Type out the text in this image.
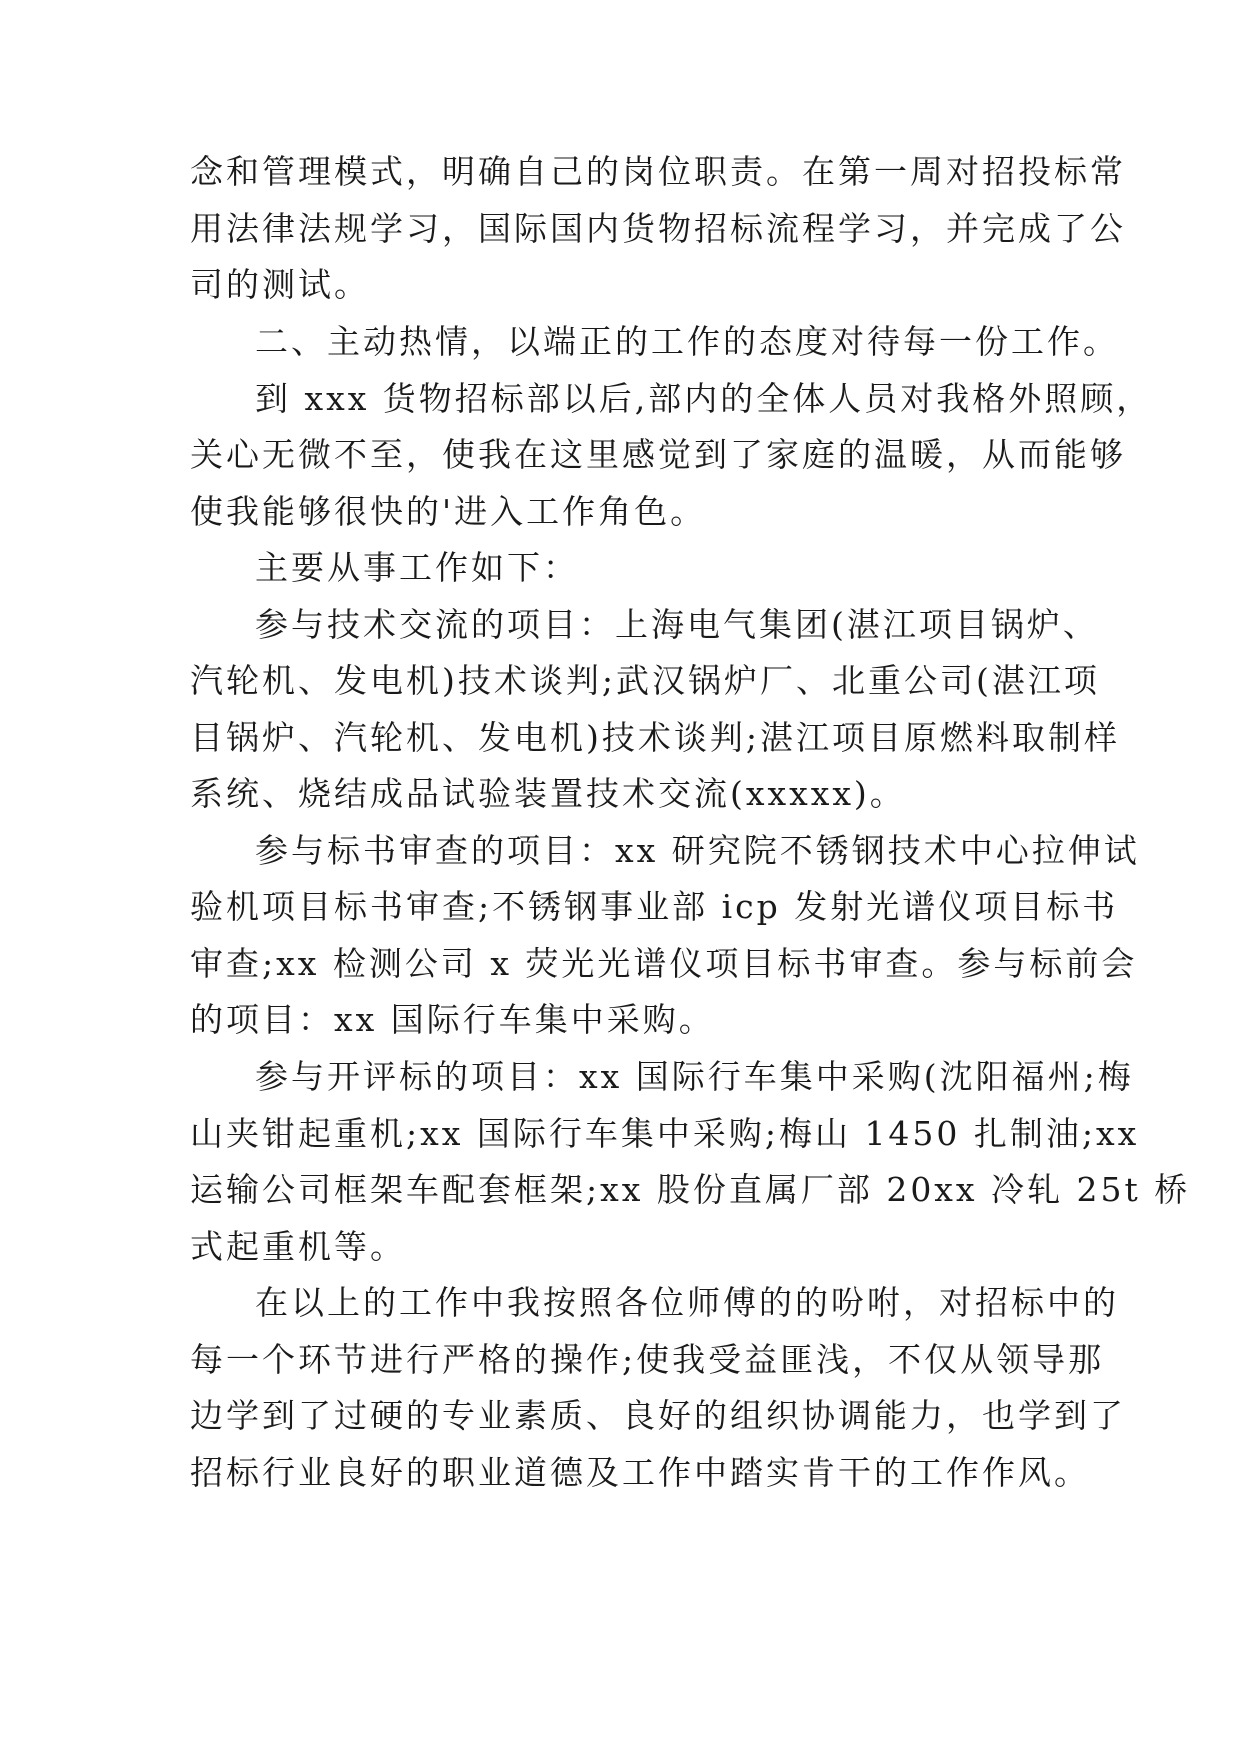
念和管理模式，明确自己的岗位职责。在第一周对招投标常
用法律法规学习，国际国内货物招标流程学习，并完成了公
司的测试。
二、主动热情，以端正的工作的态度对待每一份工作。
到 xxx 货物招标部以后,部内的全体人员对我格外照顾，
关心无微不至，使我在这里感觉到了家庭的温暖，从而能够
使我能够很快的'进入工作角色。
主要从事工作如下：
参与技术交流的项目：上海电气集团(湛江项目锅炉、
汽轮机、发电机)技术谈判;武汉锅炉厂、北重公司(湛江项
目锅炉、汽轮机、发电机)技术谈判;湛江项目原燃料取制样
系统、烧结成品试验装置技术交流(xxxxx)。
参与标书审查的项目：xx 研究院不锈钢技术中心拉伸试
验机项目标书审查;不锈钢事业部 icp 发射光谱仪项目标书
审查;xx 检测公司 x 荧光光谱仪项目标书审查。参与标前会
的项目：xx 国际行车集中采购。
参与开评标的项目：xx 国际行车集中采购(沈阳福州;梅
山夹钳起重机;xx 国际行车集中采购;梅山 1450 扎制油;xx
运输公司框架车配套框架;xx 股份直属厂部 20xx 冷轧 25t 桥
式起重机等。
在以上的工作中我按照各位师傅的的吩咐，对招标中的
每一个环节进行严格的操作;使我受益匪浅，不仅从领导那
边学到了过硬的专业素质、良好的组织协调能力，也学到了
招标行业良好的职业道德及工作中踏实肯干的工作作风。
